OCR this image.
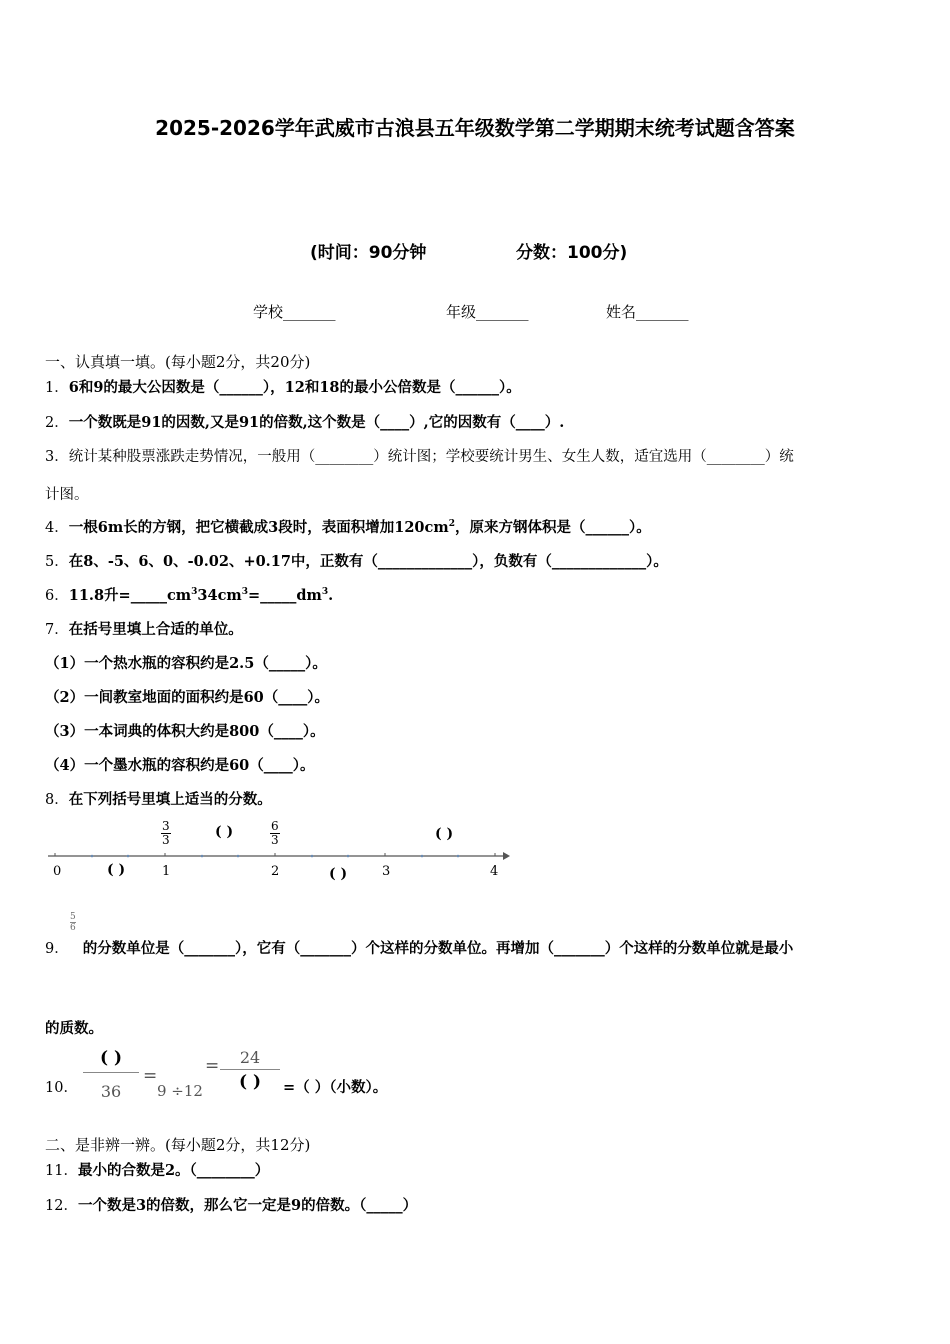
2025-2026学年武威市古浪县五年级数学第二学期期末统考试题含答案
(时间：90分钟	分数：100分)
学校_______	年级_______	姓名_______
一、认真填一填。(每小题2分，共20分)
1．6和9的最大公因数是（______），12和18的最小公倍数是（______）。
2．一个数既是91的因数,又是91的倍数,这个数是（____）,它的因数有（____）.
3．统计某种股票涨跌走势情况，一般用（________）统计图；学校要统计男生、女生人数，适宜选用（________）统
计图。
4．一根6m长的方钢，把它横截成3段时，表面积增加$120cm^2$，原来方钢体积是（______）。
5．在8、-5、6、0、-0.02、+0.17中，正数有（_____________），负数有（_____________）。
6．11.8升$=\_\_\_\_\_cm^334cm^3=\_\_\_\_\_dm^3$.
7．在括号里填上合适的单位。
（1）一个热水瓶的容积约是2.5（_____）。
（2）一间教室地面的面积约是60（____）。
（3）一本词典的体积大约是800（____）。
（4）一个墨水瓶的容积约是60（____）。
8．在下列括号里填上适当的分数。
0	1	2	3	4
$\frac{3}{3}$	$\frac{6}{3}$
( )	( )
( )	( )
$\frac{5}{6}$
9． 的分数单位是（_______），它有（_______）个这样的分数单位。再增加（_______）个这样的分数单位就是最小
的质数。
10．
( )
36
=
9 ÷12
=	24
( )	=（ ）（小数）。
二、是非辨一辨。(每小题2分，共12分)
11．最小的合数是2。（________）
12．一个数是3的倍数，那么它一定是9的倍数。（_____）
